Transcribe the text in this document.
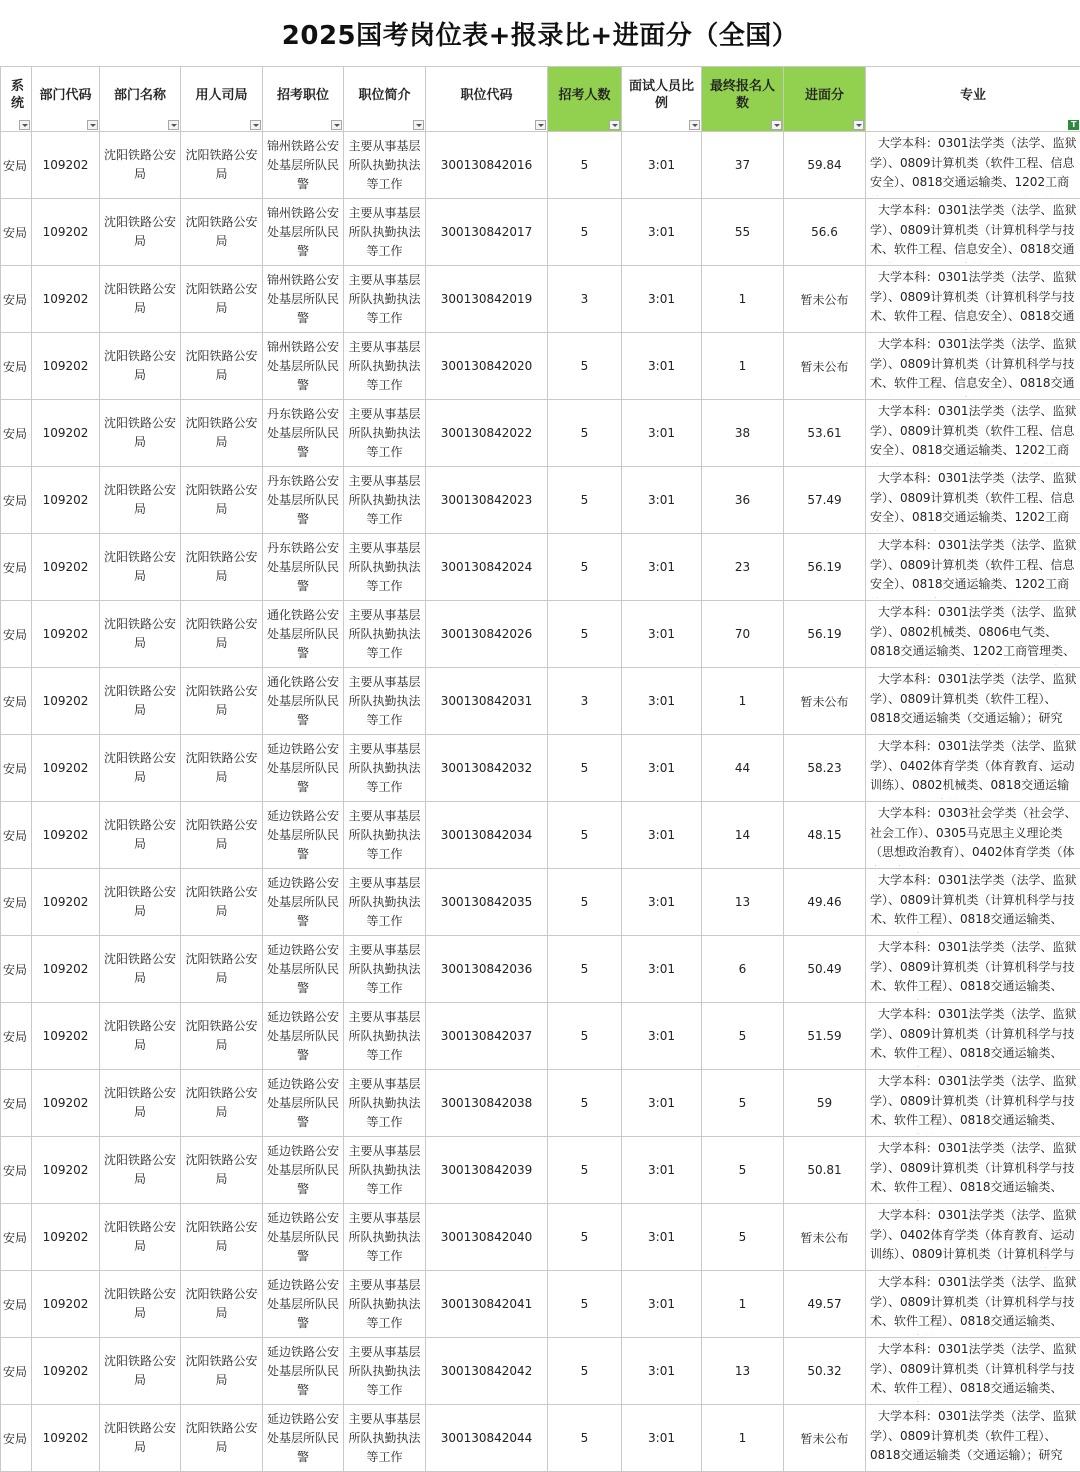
2025国考岗位表+报录比+进面分（全国）
系统	部门代码	部门名称	用人司局	招考职位	职位简介	职位代码	招考人数	面试人员比例	最终报名人数	进面分	专业
T

安局	109202	沈阳铁路公安局	沈阳铁路公安局	锦州铁路公安处基层所队民警	主要从事基层所队执勤执法等工作	300130842016	5	3:01	37	59.84	大学本科：0301法学类（法学、监狱学）、0809计算机类（软件工程、信息安全）、0818交通运输类、1202工商

安局	109202	沈阳铁路公安局	沈阳铁路公安局	锦州铁路公安处基层所队民警	主要从事基层所队执勤执法等工作	300130842017	5	3:01	55	56.6	大学本科：0301法学类（法学、监狱学）、0809计算机类（计算机科学与技术、软件工程、信息安全）、0818交通

安局	109202	沈阳铁路公安局	沈阳铁路公安局	锦州铁路公安处基层所队民警	主要从事基层所队执勤执法等工作	300130842019	3	3:01	1	暂未公布	大学本科：0301法学类（法学、监狱学）、0809计算机类（计算机科学与技术、软件工程、信息安全）、0818交通

安局	109202	沈阳铁路公安局	沈阳铁路公安局	锦州铁路公安处基层所队民警	主要从事基层所队执勤执法等工作	300130842020	5	3:01	1	暂未公布	大学本科：0301法学类（法学、监狱学）、0809计算机类（计算机科学与技术、软件工程、信息安全）、0818交通

安局	109202	沈阳铁路公安局	沈阳铁路公安局	丹东铁路公安处基层所队民警	主要从事基层所队执勤执法等工作	300130842022	5	3:01	38	53.61	大学本科：0301法学类（法学、监狱学）、0809计算机类（软件工程、信息安全）、0818交通运输类、1202工商

安局	109202	沈阳铁路公安局	沈阳铁路公安局	丹东铁路公安处基层所队民警	主要从事基层所队执勤执法等工作	300130842023	5	3:01	36	57.49	大学本科：0301法学类（法学、监狱学）、0809计算机类（软件工程、信息安全）、0818交通运输类、1202工商

安局	109202	沈阳铁路公安局	沈阳铁路公安局	丹东铁路公安处基层所队民警	主要从事基层所队执勤执法等工作	300130842024	5	3:01	23	56.19	大学本科：0301法学类（法学、监狱学）、0809计算机类（软件工程、信息安全）、0818交通运输类、1202工商

安局	109202	沈阳铁路公安局	沈阳铁路公安局	通化铁路公安处基层所队民警	主要从事基层所队执勤执法等工作	300130842026	5	3:01	70	56.19	大学本科：0301法学类（法学、监狱学）、0802机械类、0806电气类、0818交通运输类、1202工商管理类、

安局	109202	沈阳铁路公安局	沈阳铁路公安局	通化铁路公安处基层所队民警	主要从事基层所队执勤执法等工作	300130842031	3	3:01	1	暂未公布	大学本科：0301法学类（法学、监狱学）、0809计算机类（软件工程）、0818交通运输类（交通运输）；研究

安局	109202	沈阳铁路公安局	沈阳铁路公安局	延边铁路公安处基层所队民警	主要从事基层所队执勤执法等工作	300130842032	5	3:01	44	58.23	大学本科：0301法学类（法学、监狱学）、0402体育学类（体育教育、运动训练）、0802机械类、0818交通运输

安局	109202	沈阳铁路公安局	沈阳铁路公安局	延边铁路公安处基层所队民警	主要从事基层所队执勤执法等工作	300130842034	5	3:01	14	48.15	大学本科：0303社会学类（社会学、社会工作）、0305马克思主义理论类（思想政治教育）、0402体育学类（体

安局	109202	沈阳铁路公安局	沈阳铁路公安局	延边铁路公安处基层所队民警	主要从事基层所队执勤执法等工作	300130842035	5	3:01	13	49.46	大学本科：0301法学类（法学、监狱学）、0809计算机类（计算机科学与技术、软件工程）、0818交通运输类、

安局	109202	沈阳铁路公安局	沈阳铁路公安局	延边铁路公安处基层所队民警	主要从事基层所队执勤执法等工作	300130842036	5	3:01	6	50.49	大学本科：0301法学类（法学、监狱学）、0809计算机类（计算机科学与技术、软件工程）、0818交通运输类、

安局	109202	沈阳铁路公安局	沈阳铁路公安局	延边铁路公安处基层所队民警	主要从事基层所队执勤执法等工作	300130842037	5	3:01	5	51.59	大学本科：0301法学类（法学、监狱学）、0809计算机类（计算机科学与技术、软件工程）、0818交通运输类、

安局	109202	沈阳铁路公安局	沈阳铁路公安局	延边铁路公安处基层所队民警	主要从事基层所队执勤执法等工作	300130842038	5	3:01	5	59	大学本科：0301法学类（法学、监狱学）、0809计算机类（计算机科学与技术、软件工程）、0818交通运输类、

安局	109202	沈阳铁路公安局	沈阳铁路公安局	延边铁路公安处基层所队民警	主要从事基层所队执勤执法等工作	300130842039	5	3:01	5	50.81	大学本科：0301法学类（法学、监狱学）、0809计算机类（计算机科学与技术、软件工程）、0818交通运输类、

安局	109202	沈阳铁路公安局	沈阳铁路公安局	延边铁路公安处基层所队民警	主要从事基层所队执勤执法等工作	300130842040	5	3:01	5	暂未公布	大学本科：0301法学类（法学、监狱学）、0402体育学类（体育教育、运动训练）、0809计算机类（计算机科学与

安局	109202	沈阳铁路公安局	沈阳铁路公安局	延边铁路公安处基层所队民警	主要从事基层所队执勤执法等工作	300130842041	5	3:01	1	49.57	大学本科：0301法学类（法学、监狱学）、0809计算机类（计算机科学与技术、软件工程）、0818交通运输类、

安局	109202	沈阳铁路公安局	沈阳铁路公安局	延边铁路公安处基层所队民警	主要从事基层所队执勤执法等工作	300130842042	5	3:01	13	50.32	大学本科：0301法学类（法学、监狱学）、0809计算机类（计算机科学与技术、软件工程）、0818交通运输类、

安局	109202	沈阳铁路公安局	沈阳铁路公安局	延边铁路公安处基层所队民警	主要从事基层所队执勤执法等工作	300130842044	5	3:01	1	暂未公布	大学本科：0301法学类（法学、监狱学）、0809计算机类（软件工程）、0818交通运输类（交通运输）；研究
